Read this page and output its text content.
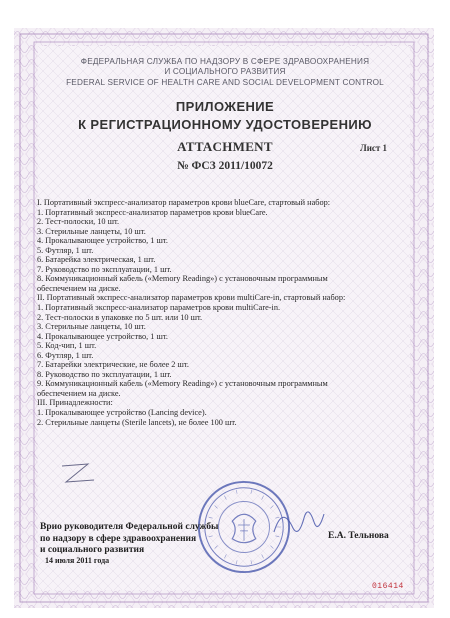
ФЕДЕРАЛЬНАЯ СЛУЖБА ПО НАДЗОРУ В СФЕРЕ ЗДРАВООХРАНЕНИЯ
И СОЦИАЛЬНОГО РАЗВИТИЯ
FEDERAL SERVICE OF HEALTH CARE AND SOCIAL DEVELOPMENT CONTROL
ПРИЛОЖЕНИЕ
К РЕГИСТРАЦИОННОМУ УДОСТОВЕРЕНИЮ
ATTACHMENT	Лист 1
№ ФСЗ 2011/10072
I. Портативный экспресс-анализатор параметров крови blueCare, стартовый набор:
1. Портативный экспресс-анализатор параметров крови blueCare.
2. Тест-полоски, 10 шт.
3. Стерильные ланцеты, 10 шт.
4. Прокалывающее устройство, 1 шт.
5. Футляр, 1 шт.
6. Батарейка электрическая, 1 шт.
7. Руководство по эксплуатации, 1 шт.
8. Коммуникационный кабель («Memory Reading») с установочным программным
обеспечением на диске.
II. Портативный экспресс-анализатор параметров крови multiCare-in, стартовый набор:
1. Портативный экспресс-анализатор параметров крови multiCare-in.
2. Тест-полоски в упаковке по 5 шт. или 10 шт.
3. Стерильные ланцеты, 10 шт.
4. Прокалывающее устройство, 1 шт.
5. Код-чип, 1 шт.
6. Футляр, 1 шт.
7. Батарейки электрические, не более 2 шт.
8. Руководство по эксплуатации, 1 шт.
9. Коммуникационный кабель («Memory Reading») с установочным программным
обеспечением на диске.
III. Принадлежности:
1. Прокалывающее устройство (Lancing device).
2. Стерильные ланцеты (Sterile lancets), не более 100 шт.
Врио руководителя Федеральной службы
по надзору в сфере здравоохранения
и социального развития
14 июля 2011 года
Е.А. Тельнова
016414
